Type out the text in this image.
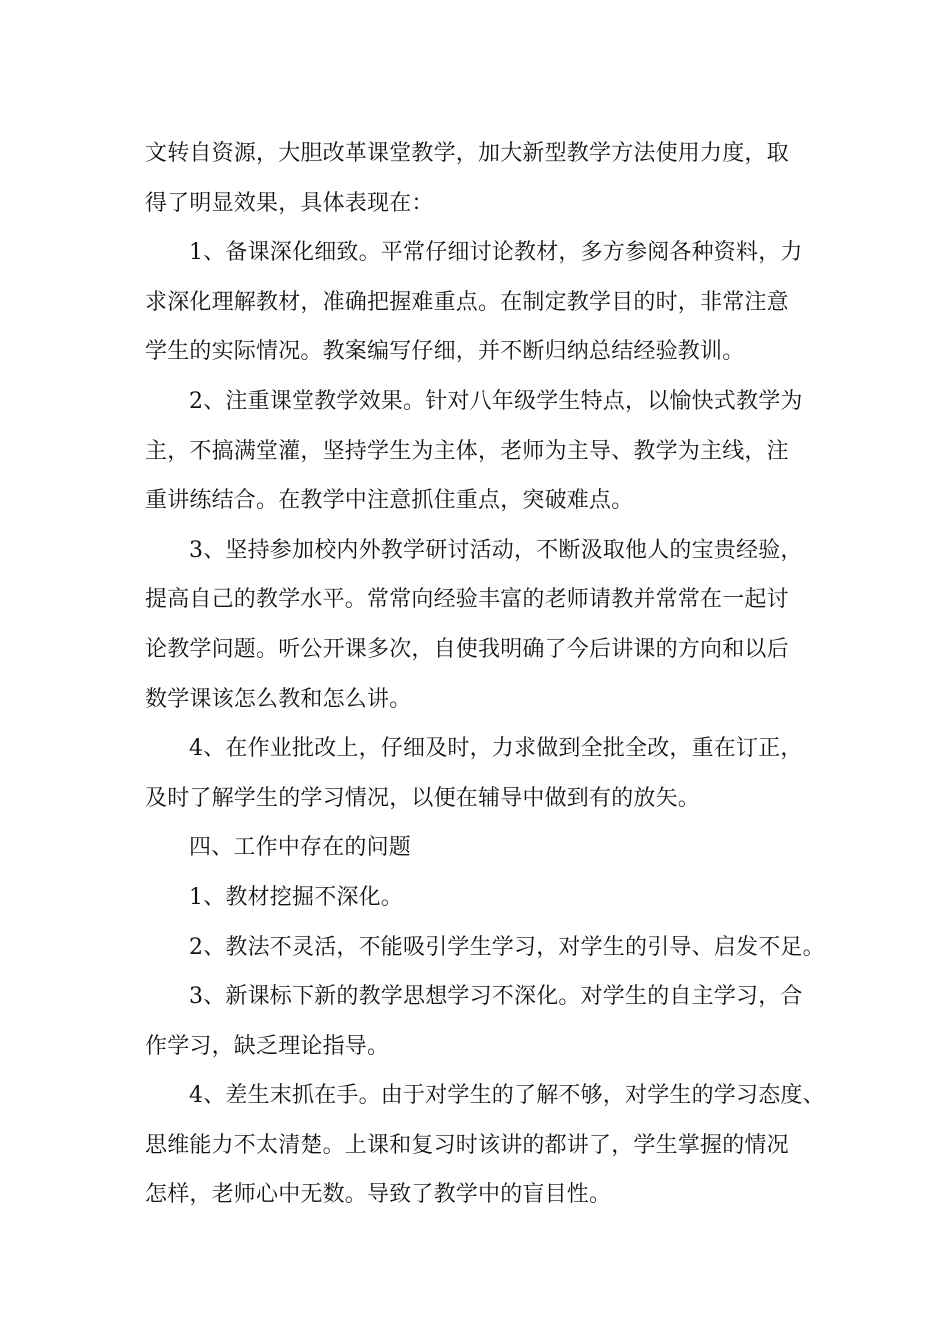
文转自资源，大胆改革课堂教学，加大新型教学方法使用力度，取
得了明显效果，具体表现在：
1、备课深化细致。平常仔细讨论教材，多方参阅各种资料，力
求深化理解教材，准确把握难重点。在制定教学目的时，非常注意
学生的实际情况。教案编写仔细，并不断归纳总结经验教训。
2、注重课堂教学效果。针对八年级学生特点，以愉快式教学为
主，不搞满堂灌，坚持学生为主体，老师为主导、教学为主线，注
重讲练结合。在教学中注意抓住重点，突破难点。
3、坚持参加校内外教学研讨活动，不断汲取他人的宝贵经验，
提高自己的教学水平。常常向经验丰富的老师请教并常常在一起讨
论教学问题。听公开课多次，自使我明确了今后讲课的方向和以后
数学课该怎么教和怎么讲。
4、在作业批改上，仔细及时，力求做到全批全改，重在订正，
及时了解学生的学习情况，以便在辅导中做到有的放矢。
四、工作中存在的问题
1、教材挖掘不深化。
2、教法不灵活，不能吸引学生学习，对学生的引导、启发不足。
3、新课标下新的教学思想学习不深化。对学生的自主学习，合
作学习，缺乏理论指导。
4、差生末抓在手。由于对学生的了解不够，对学生的学习态度、
思维能力不太清楚。上课和复习时该讲的都讲了，学生掌握的情况
怎样，老师心中无数。导致了教学中的盲目性。
